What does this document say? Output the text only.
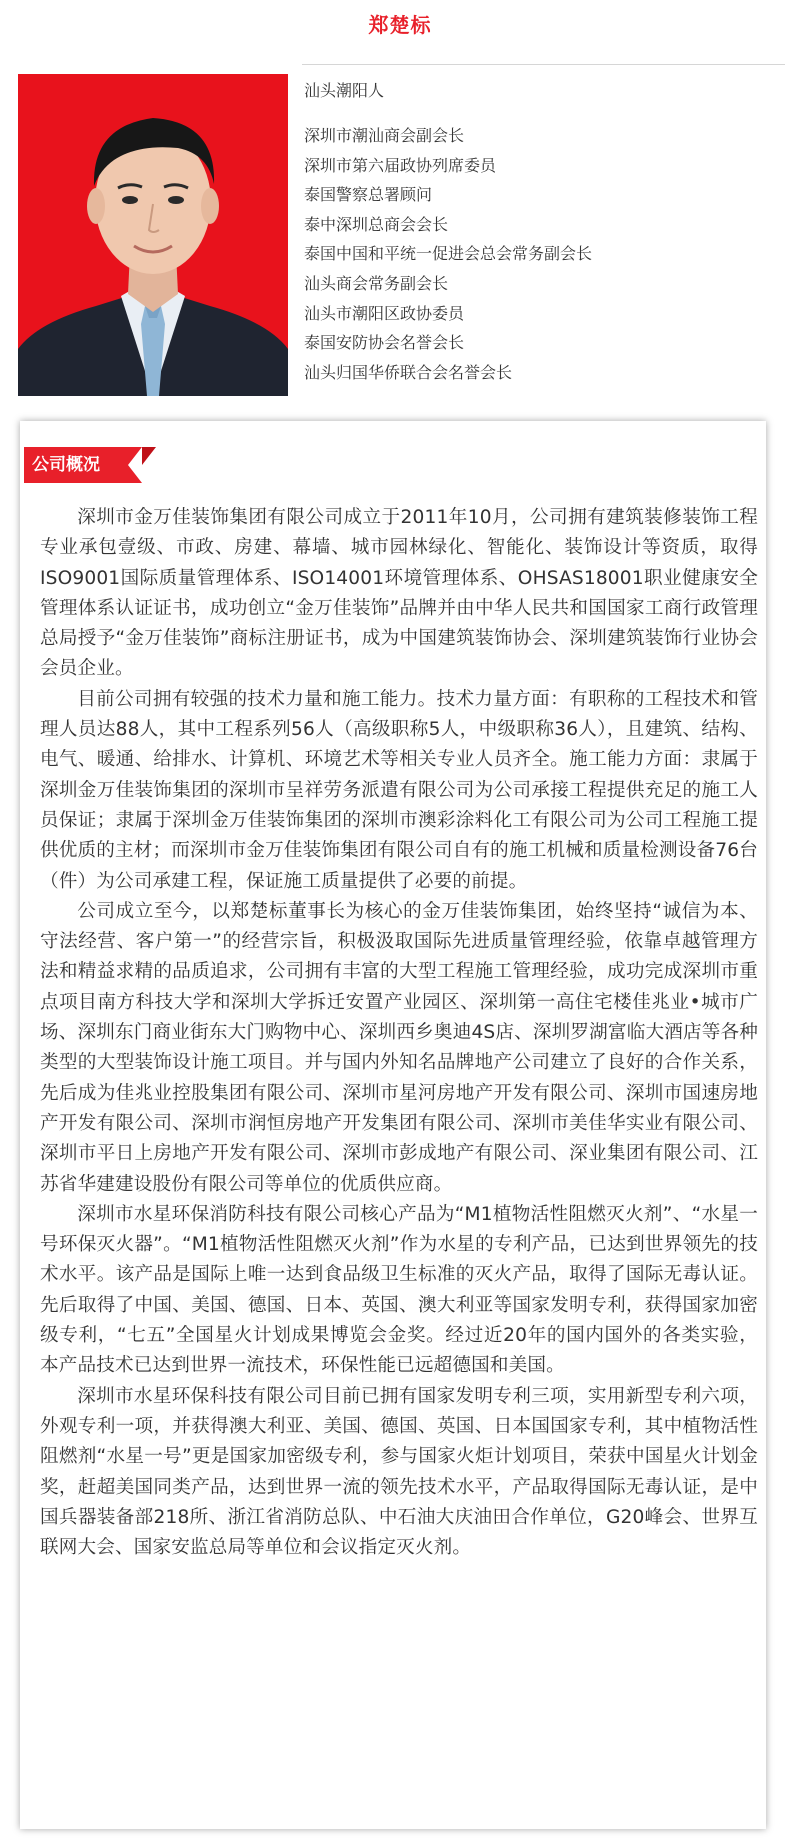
郑楚标
汕头潮阳人
深圳市潮汕商会副会长
深圳市第六届政协列席委员
泰国警察总署顾问
泰中深圳总商会会长
泰国中国和平统一促进会总会常务副会长
汕头商会常务副会长
汕头市潮阳区政协委员
泰国安防协会名誉会长
汕头归国华侨联合会名誉会长
公司概况

深圳市金万佳装饰集团有限公司成立于2011年10月，公司拥有建筑装修装饰工程专业承包壹级、市政、房建、幕墙、城市园林绿化、智能化、装饰设计等资质，取得ISO9001国际质量管理体系、ISO14001环境管理体系、OHSAS18001职业健康安全管理体系认证证书，成功创立“金万佳装饰”品牌并由中华人民共和国国家工商行政管理总局授予“金万佳装饰”商标注册证书，成为中国建筑装饰协会、深圳建筑装饰行业协会会员企业。

目前公司拥有较强的技术力量和施工能力。技术力量方面：有职称的工程技术和管理人员达88人，其中工程系列56人（高级职称5人，中级职称36人），且建筑、结构、电气、暖通、给排水、计算机、环境艺术等相关专业人员齐全。施工能力方面：隶属于深圳金万佳装饰集团的深圳市呈祥劳务派遣有限公司为公司承接工程提供充足的施工人员保证；隶属于深圳金万佳装饰集团的深圳市澳彩涂料化工有限公司为公司工程施工提供优质的主材；而深圳市金万佳装饰集团有限公司自有的施工机械和质量检测设备76台（件）为公司承建工程，保证施工质量提供了必要的前提。

公司成立至今，以郑楚标董事长为核心的金万佳装饰集团，始终坚持“诚信为本、守法经营、客户第一”的经营宗旨，积极汲取国际先进质量管理经验，依靠卓越管理方法和精益求精的品质追求，公司拥有丰富的大型工程施工管理经验，成功完成深圳市重点项目南方科技大学和深圳大学拆迁安置产业园区、深圳第一高住宅楼佳兆业•城市广场、深圳东门商业街东大门购物中心、深圳西乡奥迪4S店、深圳罗湖富临大酒店等各种类型的大型装饰设计施工项目。并与国内外知名品牌地产公司建立了良好的合作关系，先后成为佳兆业控股集团有限公司、深圳市星河房地产开发有限公司、深圳市国速房地产开发有限公司、深圳市润恒房地产开发集团有限公司、深圳市美佳华实业有限公司、深圳市平日上房地产开发有限公司、深圳市彭成地产有限公司、深业集团有限公司、江苏省华建建设股份有限公司等单位的优质供应商。

深圳市水星环保消防科技有限公司核心产品为“M1植物活性阻燃灭火剂”、“水星一号环保灭火器”。“M1植物活性阻燃灭火剂”作为水星的专利产品，已达到世界领先的技术水平。该产品是国际上唯一达到食品级卫生标准的灭火产品，取得了国际无毒认证。先后取得了中国、美国、德国、日本、英国、澳大利亚等国家发明专利，获得国家加密级专利，“七五”全国星火计划成果博览会金奖。经过近20年的国内国外的各类实验，本产品技术已达到世界一流技术，环保性能已远超德国和美国。

深圳市水星环保科技有限公司目前已拥有国家发明专利三项，实用新型专利六项，外观专利一项，并获得澳大利亚、美国、德国、英国、日本国国家专利，其中植物活性阻燃剂“水星一号”更是国家加密级专利，参与国家火炬计划项目，荣获中国星火计划金奖，赶超美国同类产品，达到世界一流的领先技术水平，产品取得国际无毒认证，是中国兵器装备部218所、浙江省消防总队、中石油大庆油田合作单位，G20峰会、世界互联网大会、国家安监总局等单位和会议指定灭火剂。
